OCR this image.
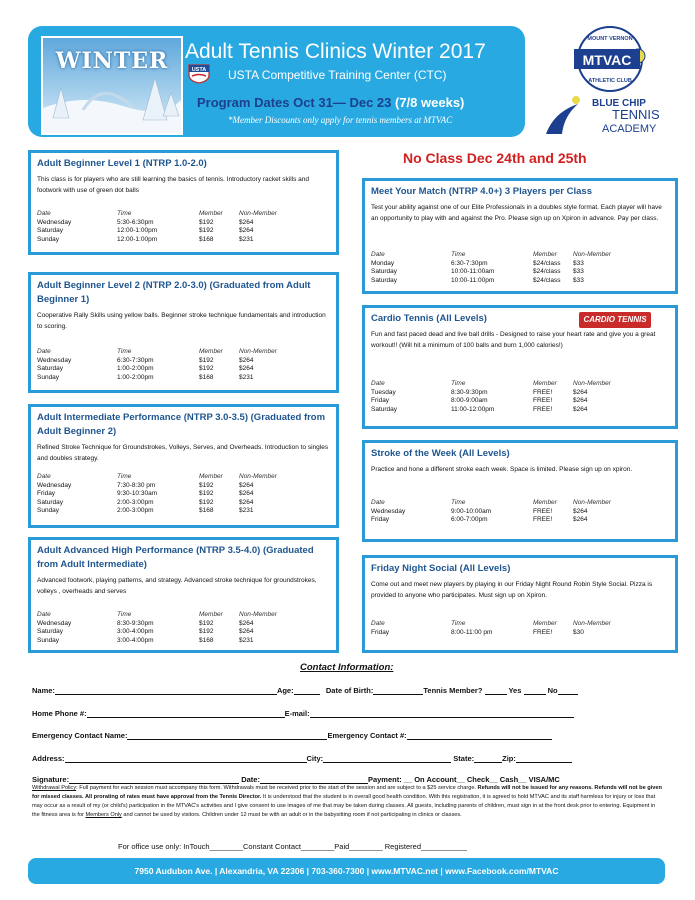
WINTER Adult Tennis Clinics Winter 2017
USTA USTA Competitive Training Center (CTC)
Program Dates Oct 31— Dec 23 (7/8 weeks)
*Member Discounts only apply for tennis members at MTVAC
MTVAC
MOUNT VERNON
ATHLETIC CLUB
BLUE CHIP
TENNIS
ACADEMY
No Class Dec 24th and 25th
Adult Beginner Level 1 (NTRP 1.0-2.0)
This class is for players who are still learning the basics of tennis. Introductory racket skills and footwork with use of green dot balls
Date	Time	Member	Non-Member
Wednesday	5:30-6:30pm	$192	$264
Saturday	12:00-1:00pm	$192	$264
Sunday	12:00-1:00pm	$168	$231
Adult Beginner Level 2 (NTRP 2.0-3.0) (Graduated from Adult Beginner 1)
Cooperative Rally Skills using yellow balls. Beginner stroke technique fundamentals and introduction to scoring.
Date	Time	Member	Non-Member
Wednesday	6:30-7:30pm	$192	$264
Saturday	1:00-2:00pm	$192	$264
Sunday	1:00-2:00pm	$168	$231
Adult Intermediate Performance (NTRP 3.0-3.5) (Graduated from Adult Beginner 2)
Refined Stroke Technique for Groundstrokes, Volleys, Serves, and Overheads. Introduction to singles and doubles strategy.
Date	Time	Member	Non-Member
Wednesday	7:30-8:30 pm	$192	$264
Friday	9:30-10:30am	$192	$264
Saturday	2:00-3:00pm	$192	$264
Sunday	2:00-3:00pm	$168	$231
Adult Advanced High Performance (NTRP 3.5-4.0) (Graduated from Adult Intermediate)
Advanced footwork, playing patterns, and strategy. Advanced stroke technique for groundstrokes, volleys , overheads and serves
Date	Time	Member	Non-Member
Wednesday	8:30-9:30pm	$192	$264
Saturday	3:00-4:00pm	$192	$264
Sunday	3:00-4:00pm	$168	$231
Meet Your Match (NTRP 4.0+) 3 Players per Class
Test your ability against one of our Elite Professionals in a doubles style format. Each player will have an opportunity to play with and against the Pro. Please sign up on Xpiron in advance. Pay per class.
Date	Time	Member	Non-Member
Monday	6:30-7:30pm	$24/class	$33
Saturday	10:00-11:00am	$24/class	$33
Saturday	10:00-11:00pm	$24/class	$33
CARDIO TENNIS
Cardio Tennis (All Levels)
Fun and fast paced dead and live ball drills - Designed to raise your heart rate and give you a great workout!! (Will hit a minimum of 100 balls and burn 1,000 calories!)
Date	Time	Member	Non-Member
Tuesday	8:30-9:30pm	FREE!	$264
Friday	8:00-9:00am	FREE!	$264
Saturday	11:00-12:00pm	FREE!	$264
Stroke of the Week (All Levels)
Practice and hone a different stroke each week. Space is limited. Please sign up on xpiron.
Date	Time	Member	Non-Member
Wednesday	9:00-10:00am	FREE!	$264
Friday	6:00-7:00pm	FREE!	$264
Friday Night Social (All Levels)
Come out and meet new players by playing in our Friday Night Round Robin Style Social. Pizza is provided to anyone who participates. Must sign up on Xpiron.
Date	Time	Member	Non-Member
Friday	8:00-11:00 pm	FREE!	$30
Contact Information:
Name:	Age:	Date of Birth:	Tennis Member?	Yes	No
Home Phone #:	E-mail:
Emergency Contact Name:	Emergency Contact #:
Address:	City:	State:	Zip:
Signature:	Date:	Payment: __ On Account__ Check__ Cash__ VISA/MC
Withdrawal Policy: Full payment for each session must accompany this form. Withdrawals must be received prior to the start of the session and are subject to a $25 service charge. Refunds will not be issued for any reasons. Refunds will not be given for missed classes. All prorating of rates must have approval from the Tennis Director. It is understood that the student is in overall good health condition. With this registration, it is agreed to hold MTVAC and its staff harmless for injury or loss that may occur as a result of my (or child's) participation in the MTVAC's activities and I give consent to use images of me that may be taken during classes. All guests, including parents of children, must sign in at the front desk prior to entering. Equipment in the fitness area is for Members Only and cannot be used by visitors. Children under 12 must be with an adult or in the babysitting room if not participating in clinics or classes.
For office use only: InTouch________Constant Contact________Paid________ Registered___________
7950 Audubon Ave. | Alexandria, VA 22306 | 703-360-7300 | www.MTVAC.net | www.Facebook.com/MTVAC
